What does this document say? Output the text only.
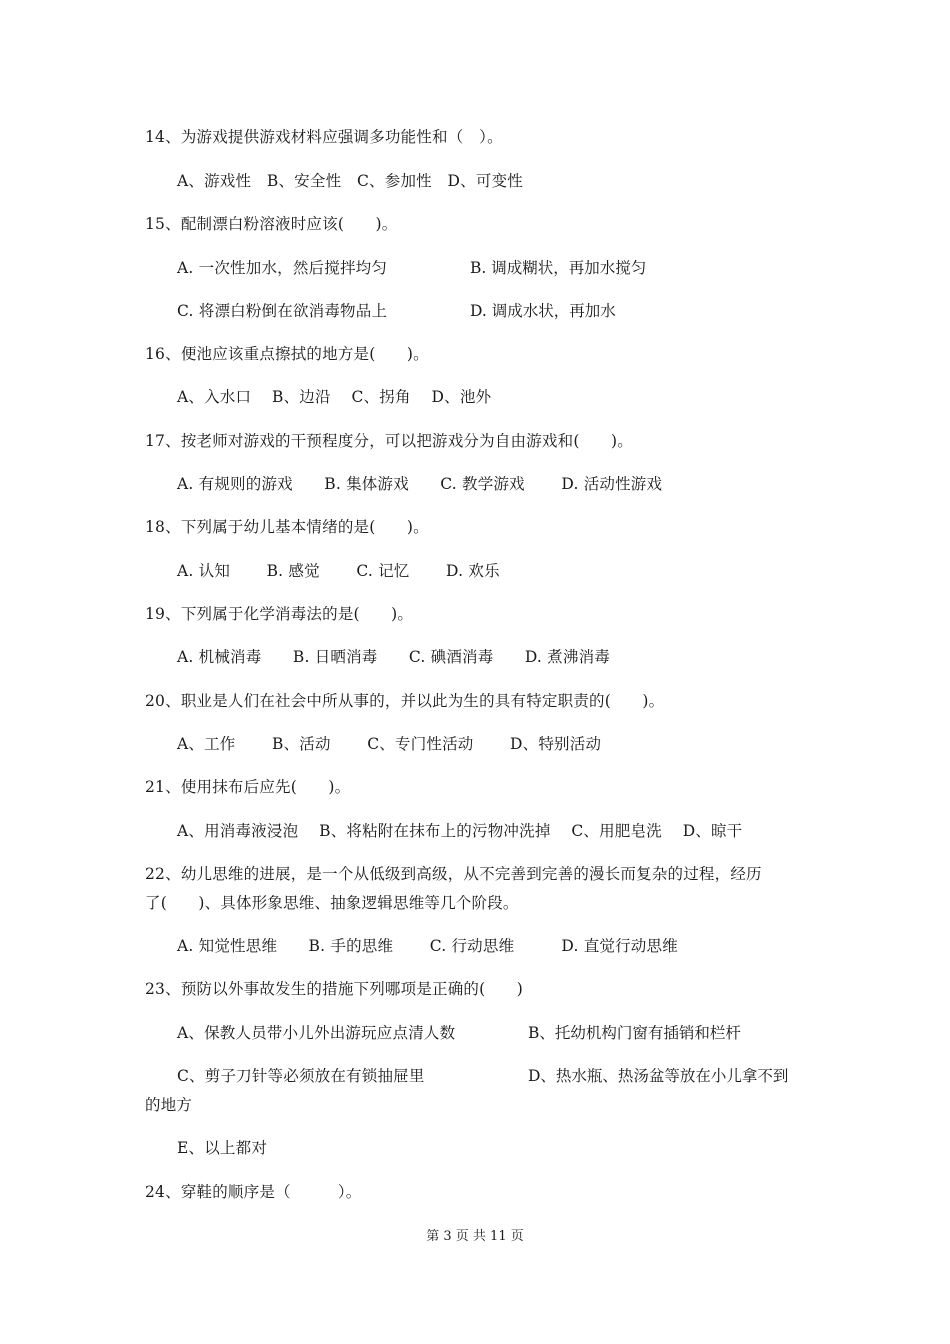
14、为游戏提供游戏材料应强调多功能性和（　）。
A、游戏性　B、安全性　C、参加性　D、可变性
15、配制漂白粉溶液时应该(　　)。
A. 一次性加水，然后搅拌均匀	B. 调成糊状，再加水搅匀
C. 将漂白粉倒在欲消毒物品上	D. 调成水状，再加水
16、便池应该重点擦拭的地方是(　　)。
A、入水口　 B、边沿　 C、拐角　 D、池外
17、按老师对游戏的干预程度分，可以把游戏分为自由游戏和(　　)。
A. 有规则的游戏　　B. 集体游戏　　C. 教学游戏　　 D. 活动性游戏
18、下列属于幼儿基本情绪的是(　　)。
A. 认知　　 B. 感觉　　 C. 记忆　　 D. 欢乐
19、下列属于化学消毒法的是(　　)。
A. 机械消毒　　B. 日晒消毒　　C. 碘酒消毒　　D. 煮沸消毒
20、职业是人们在社会中所从事的，并以此为生的具有特定职责的(　　)。
A、工作　　 B、活动　　 C、专门性活动　　 D、特别活动
21、使用抹布后应先(　　)。
A、用消毒液浸泡　 B、将粘附在抹布上的污物冲洗掉　 C、用肥皂洗　 D、晾干
22、幼儿思维的进展，是一个从低级到高级，从不完善到完善的漫长而复杂的过程，经历
了(　　)、具体形象思维、抽象逻辑思维等几个阶段。
A. 知觉性思维　　B. 手的思维　　 C. 行动思维　　　D. 直觉行动思维
23、预防以外事故发生的措施下列哪项是正确的(　　)
A、保教人员带小儿外出游玩应点清人数	B、托幼机构门窗有插销和栏杆
C、剪子刀针等必须放在有锁抽屉里	D、热水瓶、热汤盆等放在小儿拿不到
的地方
E、以上都对
24、穿鞋的顺序是（　　　）。
第 3 页 共 11 页
